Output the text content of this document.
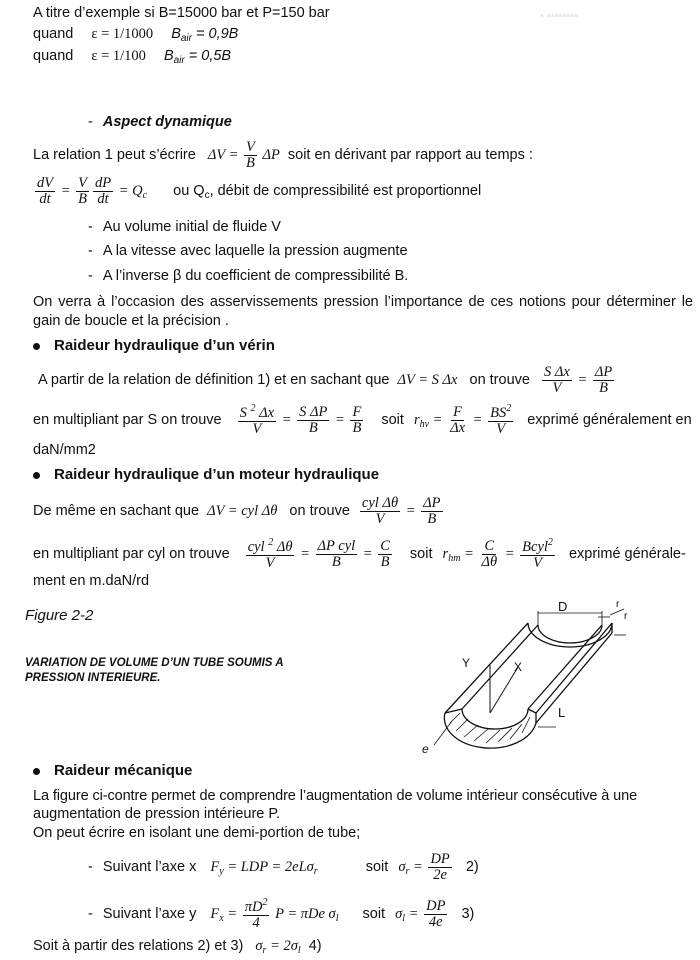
▪ ▪▪▪▪▪▪▪▪
A titre d’exemple si B=15000 bar et P=150 bar
quand ε = 1/1000 $B_{air} = 0,9B$
quand ε = 1/100 $B_{air} = 0,5B$
- Aspect dynamique
La relation 1 peut s’écrire $\Delta V = \frac{V}{B}$ ΔP soit en dérivant par rapport au temps :
$\frac{dV}{dt} = \frac{V}{B} \frac{dP}{dt} = Q_c$ ou $Q_c$, débit de compressibilité est proportionnel
- Au volume initial de fluide V
- A la vitesse avec laquelle la pression augmente
- A l’inverse β du coefficient de compressibilité B.
On verra à l’occasion des asservissements pression l’importance de ces notions pour déterminer le gain de boucle et la précision .
Raideur hydraulique d’un vérin
A partir de la relation de définition 1) et en sachant que ΔV = S Δx on trouve $\frac{\text{S Δx}}{V} = \frac{\Delta P}{B}$
en multipliant par S on trouve $\frac{S ^2 \Delta x}{V} = \frac{\text{S ΔP}}{B} = \frac{F}{B}$ soit $r_{hv} = \frac{F}{\Delta x} = \frac{BS^2}{V}$ exprimé généralement en
daN/mm2
Raideur hydraulique d’un moteur hydraulique
De même en sachant que ΔV = cyl Δθ on trouve $\frac{\text{cyl Δθ}}{V} = \frac{\Delta P}{B}$
en multipliant par cyl on trouve $\frac{cyl ^2 \Delta\theta}{V} = \frac{\text{ΔP cyl}}{B} = \frac{C}{B}$ soit $r_{hm} = \frac{C}{\Delta\theta} = \frac{Bcyl^2}{V}$ exprimé générale-
ment en m.daN/rd
Figure 2-2
VARIATION DE VOLUME D’UN TUBE SOUMIS A
PRESSION INTERIEURE.
D	r
r
Y	X
L
e
Raideur mécanique
La figure ci-contre permet de comprendre l’augmentation de volume intérieur consécutive à une
augmentation de pression intérieure P.
On peut écrire en isolant une demi-portion de tube;
- Suivant l’axe x $F_y$ = LDP = 2eLσ$_r$	soit $\sigma_r = \frac{DP}{2e} 2$)
- Suivant l’axe y $F_x = \frac{\pi D^2}{4}$ P = πDe $\sigma_l$ soit $\sigma_l = \frac{DP}{4e} 3$)
Soit à partir des relations 2) et 3) $\sigma_r = 2\sigma_l$ 4)
